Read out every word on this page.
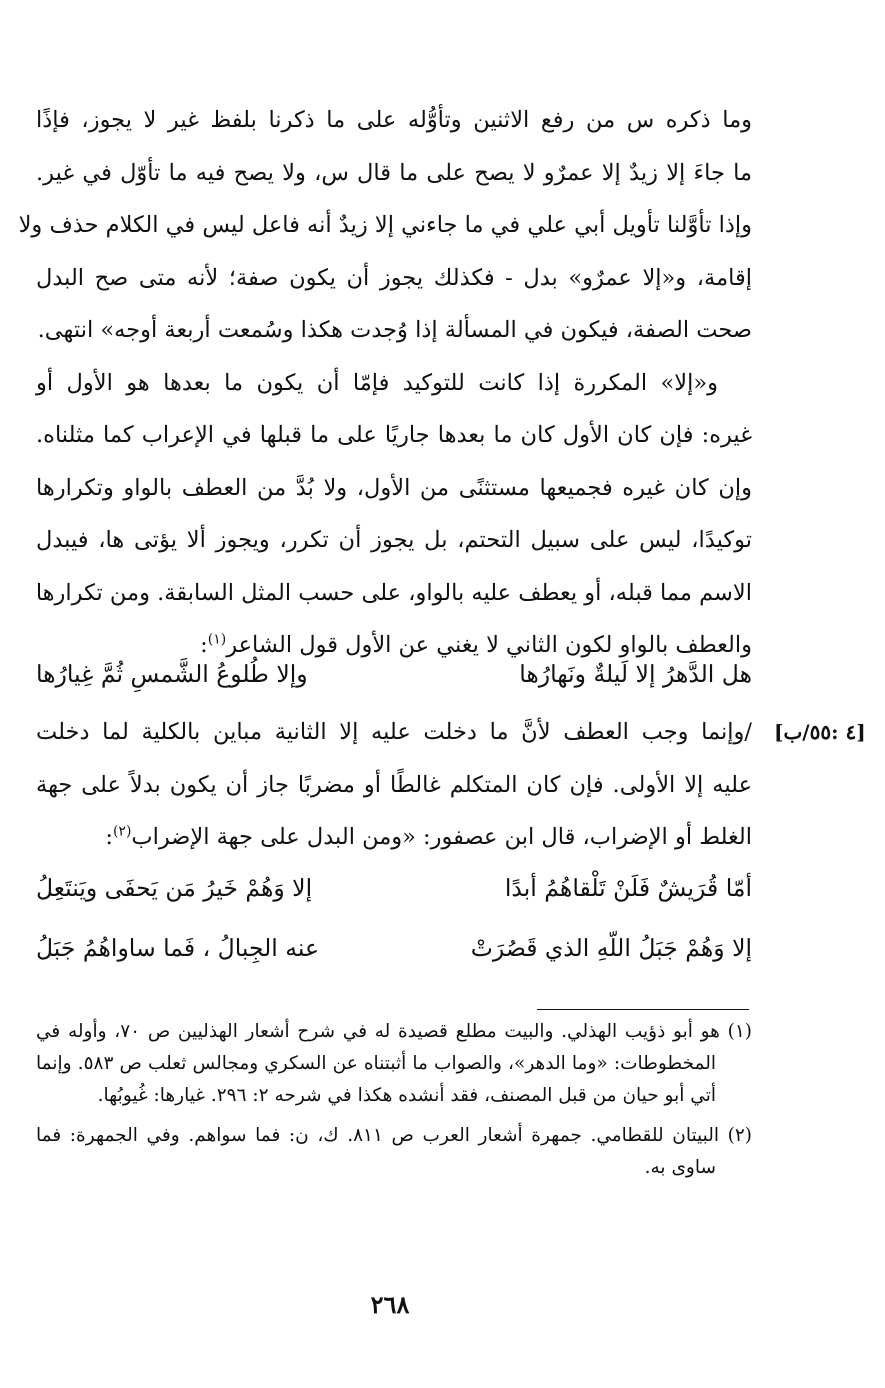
وما ذكره س من رفع الاثنين وتأوُّله على ما ذكرنا بلفظ غير لا يجوز، فإذًا
ما جاءَ إلا زيدٌ إلا عمرٌو لا يصح على ما قال س، ولا يصح فيه ما تأوّل في غير.
وإذا تأوَّلنا تأويل أبي علي في ما جاءني إلا زيدٌ أنه فاعل ليس في الكلام حذف ولا
إقامة، و«إلا عمرٌو» بدل - فكذلك يجوز أن يكون صفة؛ لأنه متى صح البدل
صحت الصفة، فيكون في المسألة إذا وُجدت هكذا وسُمعت أربعة أوجه» انتهى.
و«إلا» المكررة إذا كانت للتوكيد فإمّا أن يكون ما بعدها هو الأول أو
غيره: فإن كان الأول كان ما بعدها جاريًا على ما قبلها في الإعراب كما مثلناه.
وإن كان غيره فجميعها مستثنًى من الأول، ولا بُدَّ من العطف بالواو وتكرارها
توكيدًا، ليس على سبيل التحتم، بل يجوز أن تكرر، ويجوز ألا يؤتى ها، فيبدل
الاسم مما قبله، أو يعطف عليه بالواو، على حسب المثل السابقة. ومن تكرارها
والعطف بالواو لكون الثاني لا يغني عن الأول قول الشاعر$^{(١)}$:
هل الدَّهرُ إلا لَيلةٌ ونَهارُها
وإلا طُلوعُ الشَّمسِ ثُمَّ غِيارُها
[٤ :٥٥/ب]
/وإنما وجب العطف لأنَّ ما دخلت عليه إلا الثانية مباين بالكلية لما دخلت
عليه إلا الأولى. فإن كان المتكلم غالطًا أو مضربًا جاز أن يكون بدلاً على جهة
الغلط أو الإضراب، قال ابن عصفور: «ومن البدل على جهة الإضراب$^{(٢)}$:
أمّا قُرَيشٌ فَلَنْ تَلْقاهُمُ أبدًا
إلا وَهُمْ خَيرُ مَن يَحفَى ويَنتَعِلُ
إلا وَهُمْ جَبَلُ اللّهِ الذي قَصُرَتْ
عنه الجِبالُ ، فَما ساواهُمُ جَبَلُ
(١) هو أبو ذؤيب الهذلي. والبيت مطلع قصيدة له في شرح أشعار الهذليين ص ٧٠، وأوله في المخطوطات: «وما الدهر»، والصواب ما أثبتناه عن السكري ومجالس ثعلب ص ٥٨٣. وإنما أتي أبو حيان من قبل المصنف، فقد أنشده هكذا في شرحه ٢: ٢٩٦. غيارها: غُيوبُها.
(٢) البيتان للقطامي. جمهرة أشعار العرب ص ٨١١. ك، ن: فما سواهم. وفي الجمهرة: فما ساوى به.
٢٦٨
